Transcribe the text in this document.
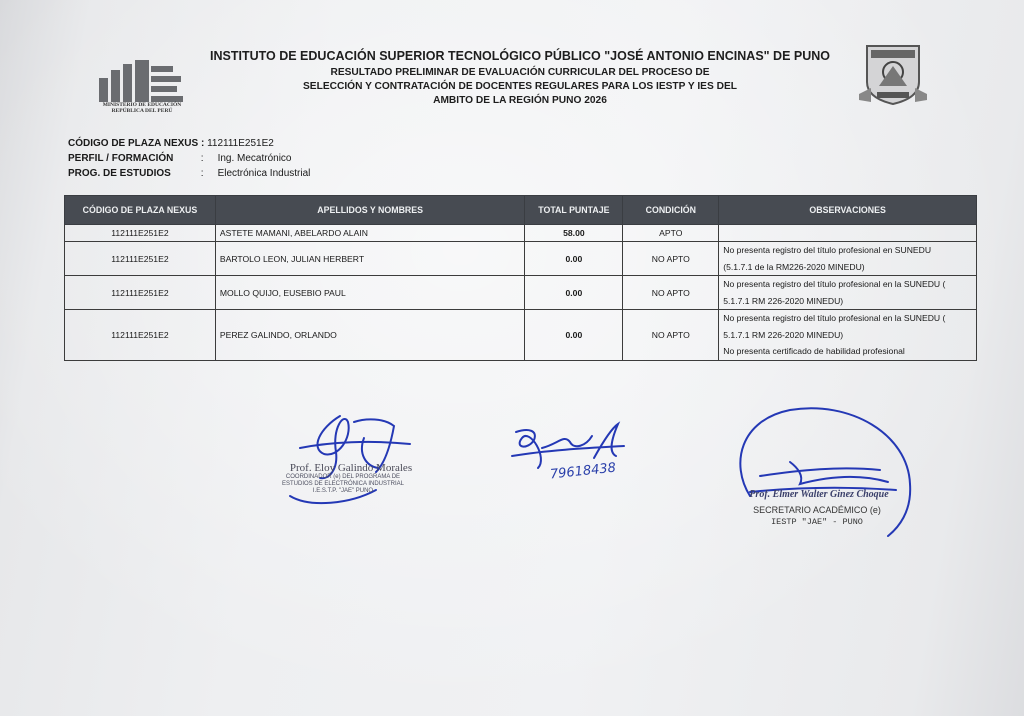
MINISTERIO DE EDUCACIÓN
REPÚBLICA DEL PERÚ
INSTITUTO DE EDUCACIÓN SUPERIOR TECNOLÓGICO PÚBLICO "JOSÉ ANTONIO ENCINAS" DE PUNO
RESULTADO PRELIMINAR DE EVALUACIÓN CURRICULAR DEL PROCESO DE
SELECCIÓN Y CONTRATACIÓN DE DOCENTES REGULARES PARA LOS IESTP Y IES DEL
AMBITO DE LA REGIÓN PUNO 2026
CÓDIGO DE PLAZA NEXUS : 112111E251E2
PERFIL / FORMACIÓN	: Ing. Mecatrónico
PROG. DE ESTUDIOS	: Electrónica Industrial
CÓDIGO DE PLAZA NEXUS	APELLIDOS Y NOMBRES	TOTAL PUNTAJE	CONDICIÓN	OBSERVACIONES
112111E251E2	ASTETE MAMANI, ABELARDO ALAIN	58.00	APTO	
112111E251E2	BARTOLO LEON, JULIAN HERBERT	0.00	NO APTO	No presenta registro del título profesional en SUNEDU
(5.1.7.1 de la RM226-2020 MINEDU)

112111E251E2	MOLLO QUIJO, EUSEBIO PAUL	0.00	NO APTO	No presenta registro del título profesional en la SUNEDU (
5.1.7.1 RM 226-2020 MINEDU)

112111E251E2	PEREZ GALINDO, ORLANDO	0.00	NO APTO	No presenta registro del título profesional en la SUNEDU (
5.1.7.1 RM 226-2020 MINEDU)
No presenta certificado de habilidad profesional
Prof. Eloy Galindo Morales
COORDINADOR (e) DEL PROGRAMA DE
ESTUDIOS DE ELECTRÓNICA INDUSTRIAL
I.E.S.T.P. "JAE" PUNO
79618438
Prof. Elmer Walter Ginez Choque
SECRETARIO ACADÉMICO (e)
IESTP "JAE" - PUNO
